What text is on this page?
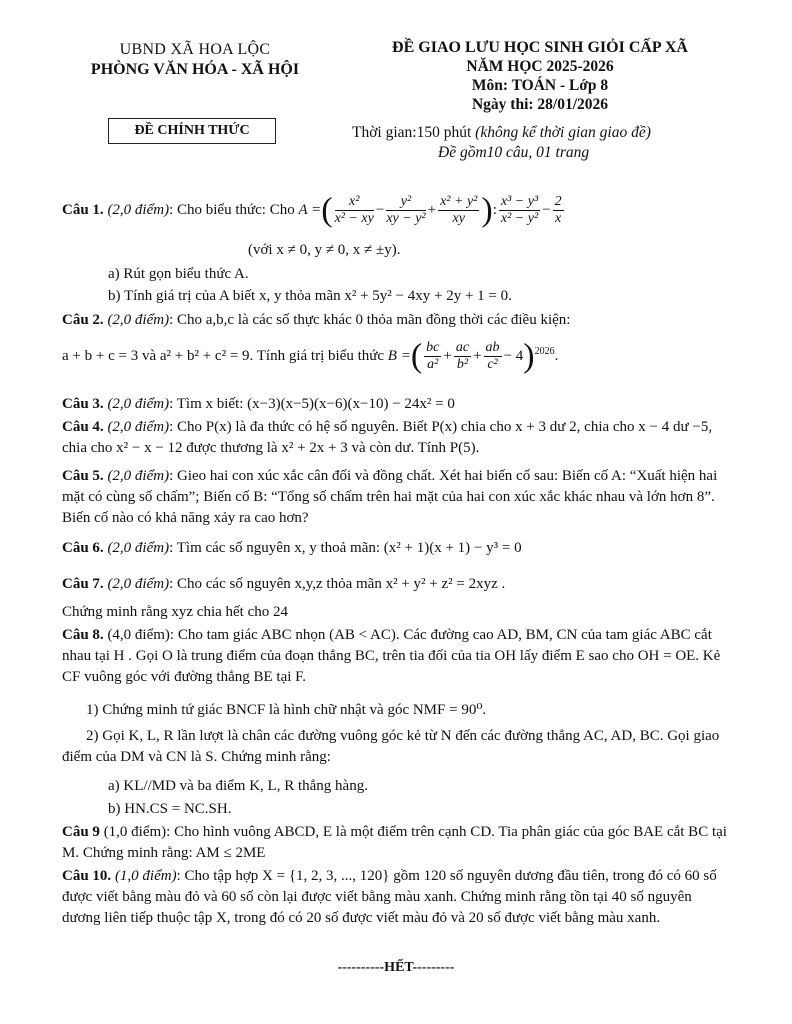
UBND XÃ HOA LỘC
PHÒNG VĂN HÓA - XÃ HỘI
ĐỀ CHÍNH THỨC
ĐỀ GIAO LƯU HỌC SINH GIỎI CẤP XÃ
NĂM HỌC 2025-2026
Môn: TOÁN - Lớp 8
Ngày thi: 28/01/2026
Thời gian:150 phút (không kể thời gian giao đề)
Đề gồm10 câu, 01 trang
Câu 1. (2,0 điểm): Cho biểu thức: Cho A =( $\frac{\text{x²}}{\text{x² − xy}} - \frac{\text{y²}}{\text{xy − y²}} + \frac{\text{x² + y²}}{xy}$ ): $\frac{\text{x³ − y³}}{\text{x² − y²}} - \frac{2}{x}$
(với x ≠ 0, y ≠ 0, x ≠ ±y).
a) Rút gọn biểu thức A.
b) Tính giá trị của A biết x, y thỏa mãn x² + 5y² − 4xy + 2y + 1 = 0.
Câu 2. (2,0 điểm): Cho a,b,c là các số thực khác 0 thỏa mãn đồng thời các điều kiện:
a + b + c = 3 và a² + b² + c² = 9. Tính giá trị biểu thức B =( $\frac{bc}{\text{a²}} + \frac{ac}{\text{b²}} + \frac{ab}{\text{c²}} - 4)^{2026}$.
Câu 3. (2,0 điểm): Tìm x biết: (x−3)(x−5)(x−6)(x−10) − 24x² = 0
Câu 4. (2,0 điểm): Cho P(x) là đa thức có hệ số nguyên. Biết P(x) chia cho x + 3 dư 2, chia cho x − 4 dư −5, chia cho x² − x − 12 được thương là x² + 2x + 3 và còn dư. Tính P(5).
Câu 5. (2,0 điểm): Gieo hai con xúc xắc cân đối và đồng chất. Xét hai biến cố sau: Biến cố A: “Xuất hiện hai mặt có cùng số chấm”; Biến cố B: “Tổng số chấm trên hai mặt của hai con xúc xắc khác nhau và lớn hơn 8”. Biến cố nào có khả năng xảy ra cao hơn?
Câu 6. (2,0 điểm): Tìm các số nguyên x, y thoả mãn: (x² + 1)(x + 1) − y³ = 0
Câu 7. (2,0 điểm): Cho các số nguyên x,y,z thỏa mãn x² + y² + z² = 2xyz .
Chứng minh rằng xyz chia hết cho 24
Câu 8. (4,0 điểm): Cho tam giác ABC nhọn (AB < AC). Các đường cao AD, BM, CN của tam giác ABC cắt nhau tại H . Gọi O là trung điểm của đoạn thẳng BC, trên tia đối của tia OH lấy điểm E sao cho OH = OE. Kẻ CF vuông góc với đường thẳng BE tại F.
1) Chứng minh tứ giác BNCF là hình chữ nhật và góc NMF = 90⁰.
2) Gọi K, L, R lần lượt là chân các đường vuông góc kẻ từ N đến các đường thẳng AC, AD, BC. Gọi giao điểm của DM và CN là S. Chứng minh rằng:
a) KL//MD và ba điểm K, L, R thẳng hàng.
b) HN.CS = NC.SH.
Câu 9 (1,0 điểm): Cho hình vuông ABCD, E là một điểm trên cạnh CD. Tia phân giác của góc BAE cắt BC tại M. Chứng minh rằng: AM ≤ 2ME
Câu 10. (1,0 điểm): Cho tập hợp X = {1, 2, 3, ..., 120} gồm 120 số nguyên dương đầu tiên, trong đó có 60 số được viết bằng màu đỏ và 60 số còn lại được viết bằng màu xanh. Chứng minh rằng tồn tại 40 số nguyên dương liên tiếp thuộc tập X, trong đó có 20 số được viết màu đỏ và 20 số được viết bằng màu xanh.
----------HẾT---------
